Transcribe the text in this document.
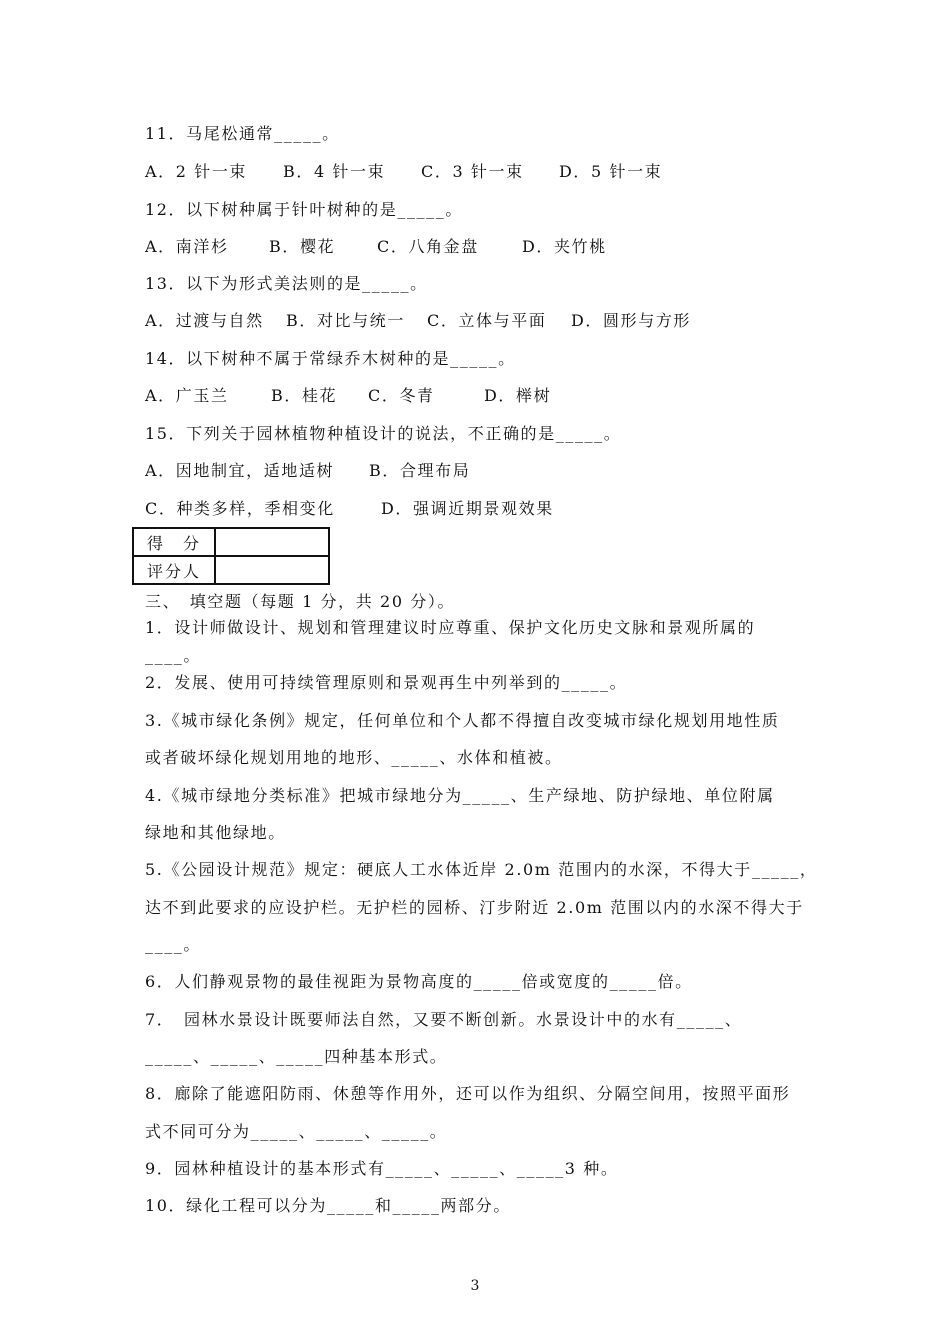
11．马尾松通常_____。
A．2 针一束 B．4 针一束 C．3 针一束 D．5 针一束
12．以下树种属于针叶树种的是_____。
A．南洋杉	B．樱花	C．八角金盘	D．夹竹桃
13．以下为形式美法则的是_____。
A．过渡与自然 B．对比与统一 C．立体与平面 D．圆形与方形
14．以下树种不属于常绿乔木树种的是_____。
A．广玉兰	B．桂花 C．冬青	D．榉树
15．下列关于园林植物种植设计的说法，不正确的是_____。
A．因地制宜，适地适树 B．合理布局
C．种类多样，季相变化	D．强调近期景观效果
得　分	
评分人	
三、　填空题（每题 1 分，共 20 分）。
1．设计师做设计、规划和管理建议时应尊重、保护文化历史文脉和景观所属的
____。
2．发展、使用可持续管理原则和景观再生中列举到的_____。
3.《城市绿化条例》规定，任何单位和个人都不得擅自改变城市绿化规划用地性质
或者破坏绿化规划用地的地形、_____、水体和植被。
4.《城市绿地分类标准》把城市绿地分为_____、生产绿地、防护绿地、单位附属
绿地和其他绿地。
5.《公园设计规范》规定：硬底人工水体近岸 2.0m 范围内的水深，不得大于_____，
达不到此要求的应设护栏。无护栏的园桥、汀步附近 2.0m 范围以内的水深不得大于
____。
6．人们静观景物的最佳视距为景物高度的_____倍或宽度的_____倍。
7．　园林水景设计既要师法自然，又要不断创新。水景设计中的水有_____、
_____、_____、_____四种基本形式。
8．廊除了能遮阳防雨、休憩等作用外，还可以作为组织、分隔空间用，按照平面形
式不同可分为_____、_____、_____。
9．园林种植设计的基本形式有_____、_____、_____3 种。
10．绿化工程可以分为_____和_____两部分。
3
